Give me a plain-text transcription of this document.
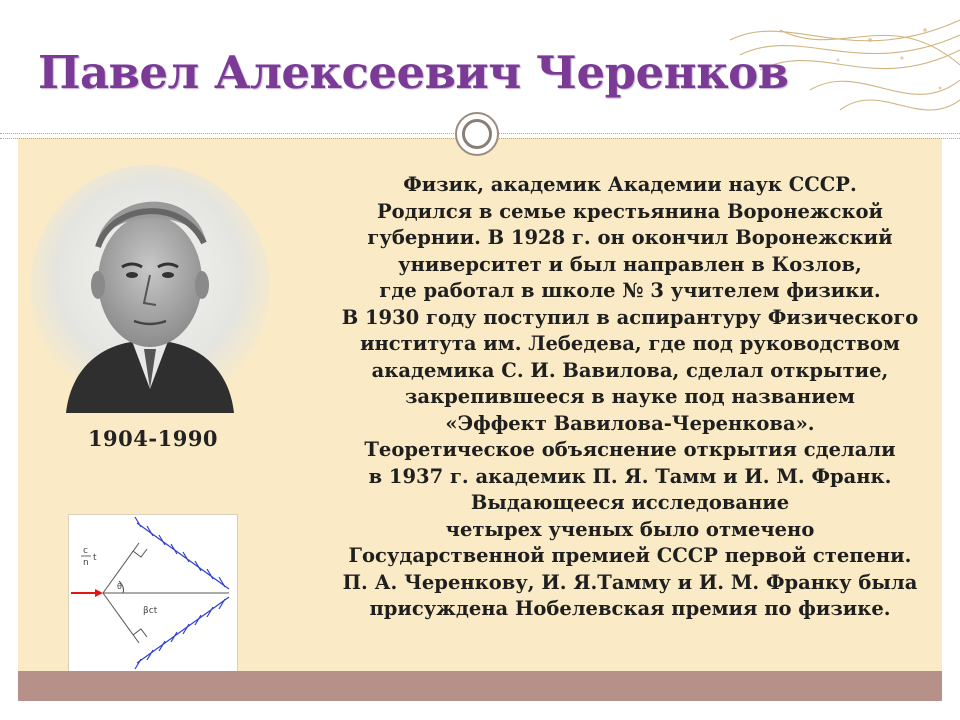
Павел Алексеевич Черенков
1904-1990
c
n t
θ
βct

Физик, академик Академии наук СССР.

Родился в семье крестьянина Воронежской

губернии. В 1928 г. он окончил Воронежский

университет и был направлен в Козлов,

где работал в школе № 3 учителем физики.

В 1930 году поступил в аспирантуру Физического

института им. Лебедева, где под руководством

академика С. И. Вавилова, сделал открытие,

закрепившееся в науке под названием

«Эффект Вавилова-Черенкова».

Теоретическое объяснение открытия сделали

в 1937 г. академик П. Я. Тамм и И. М. Франк.

Выдающееся исследование

четырех ученых было отмечено

Государственной премией СССР первой степени.

П. А. Черенкову, И. Я.Тамму и И. М. Франку была

присуждена Нобелевская премия по физике.
